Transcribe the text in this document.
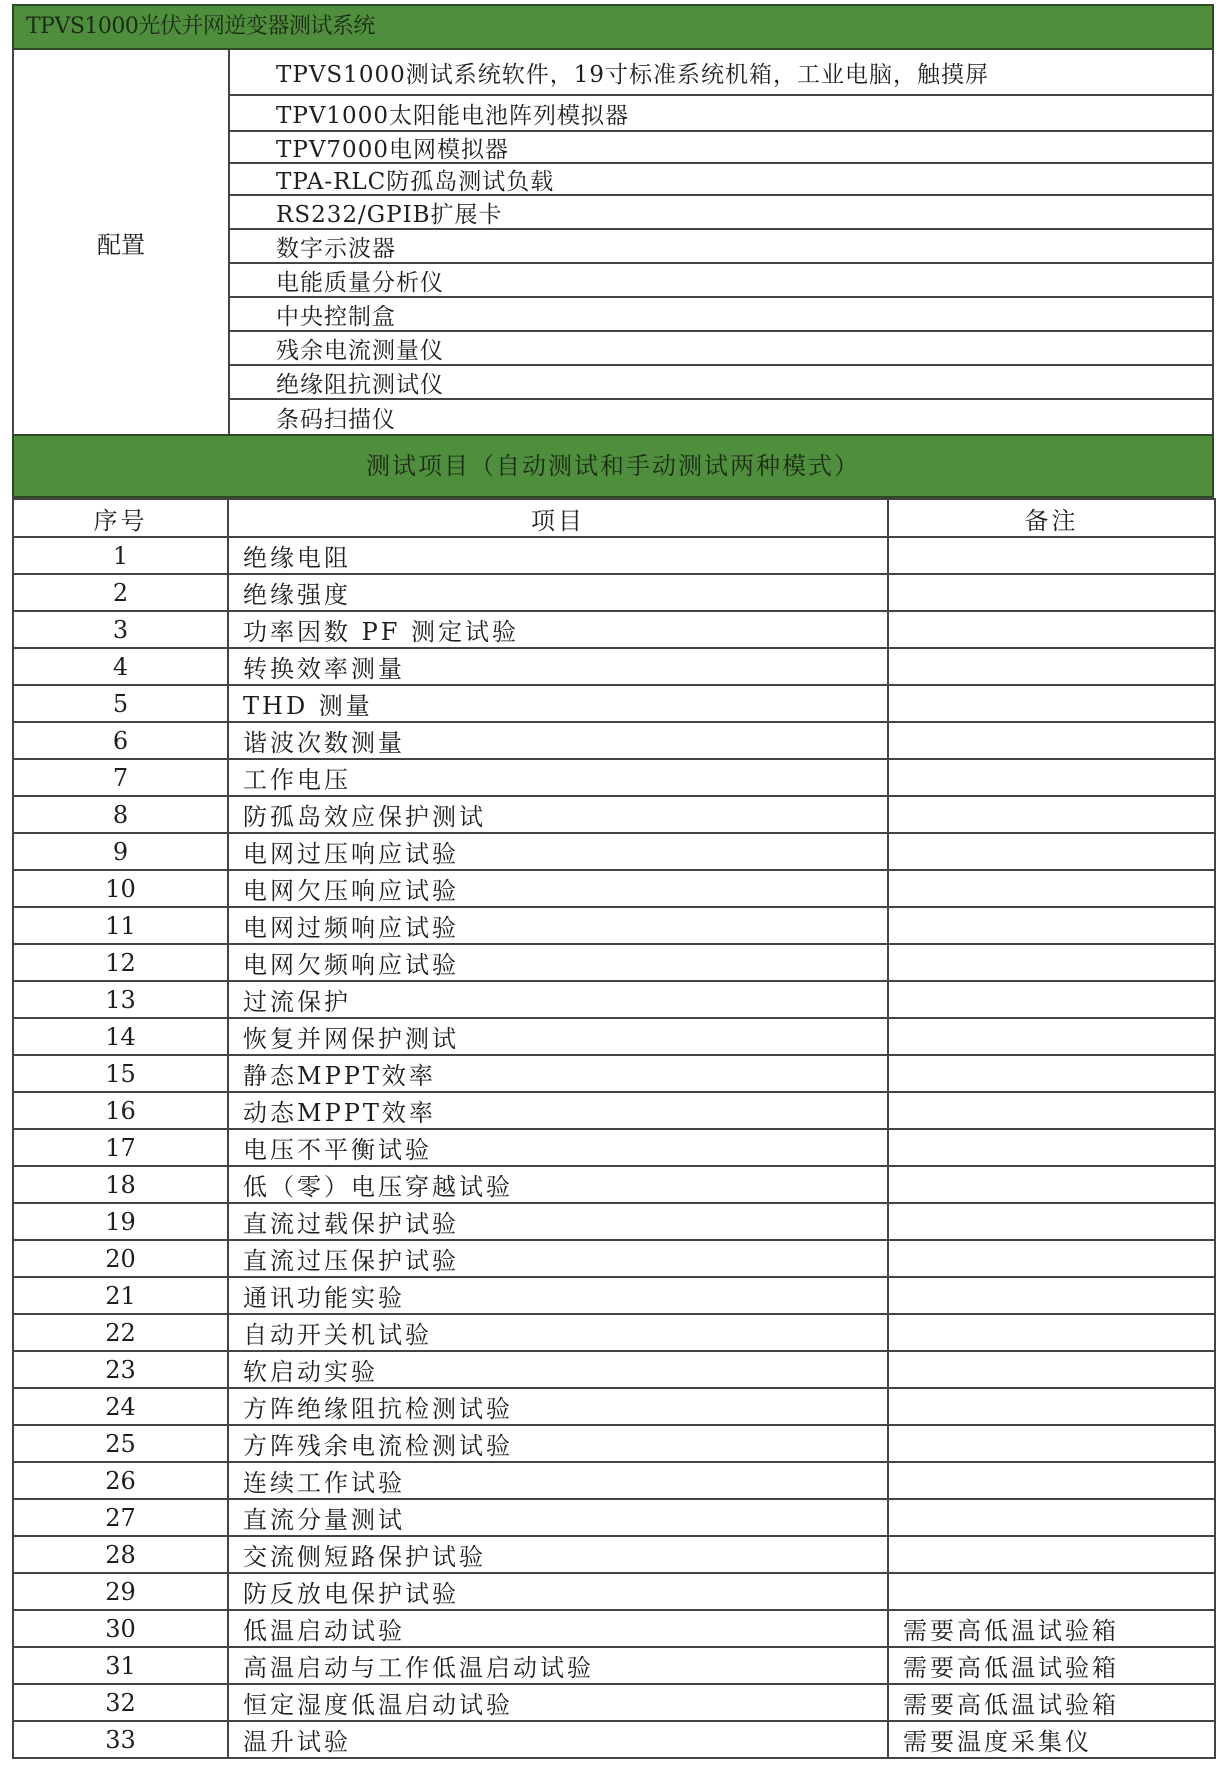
TPVS1000光伏并网逆变器测试系统
配置
TPVS1000测试系统软件，19寸标准系统机箱，工业电脑，触摸屏
TPV1000太阳能电池阵列模拟器
TPV7000电网模拟器
TPA-RLC防孤岛测试负载
RS232/GPIB扩展卡
数字示波器
电能质量分析仪
中央控制盒
残余电流测量仪
绝缘阻抗测试仪
条码扫描仪
测试项目（自动测试和手动测试两种模式）
序号	项目	备注
1	绝缘电阻	
2	绝缘强度	
3	功率因数 PF 测定试验	
4	转换效率测量	
5	THD 测量	
6	谐波次数测量	
7	工作电压	
8	防孤岛效应保护测试	
9	电网过压响应试验	
10	电网欠压响应试验	
11	电网过频响应试验	
12	电网欠频响应试验	
13	过流保护	
14	恢复并网保护测试	
15	静态MPPT效率	
16	动态MPPT效率	
17	电压不平衡试验	
18	低（零）电压穿越试验	
19	直流过载保护试验	
20	直流过压保护试验	
21	通讯功能实验	
22	自动开关机试验	
23	软启动实验	
24	方阵绝缘阻抗检测试验	
25	方阵残余电流检测试验	
26	连续工作试验	
27	直流分量测试	
28	交流侧短路保护试验	
29	防反放电保护试验	
30	低温启动试验	需要高低温试验箱
31	高温启动与工作低温启动试验	需要高低温试验箱
32	恒定湿度低温启动试验	需要高低温试验箱
33	温升试验	需要温度采集仪
